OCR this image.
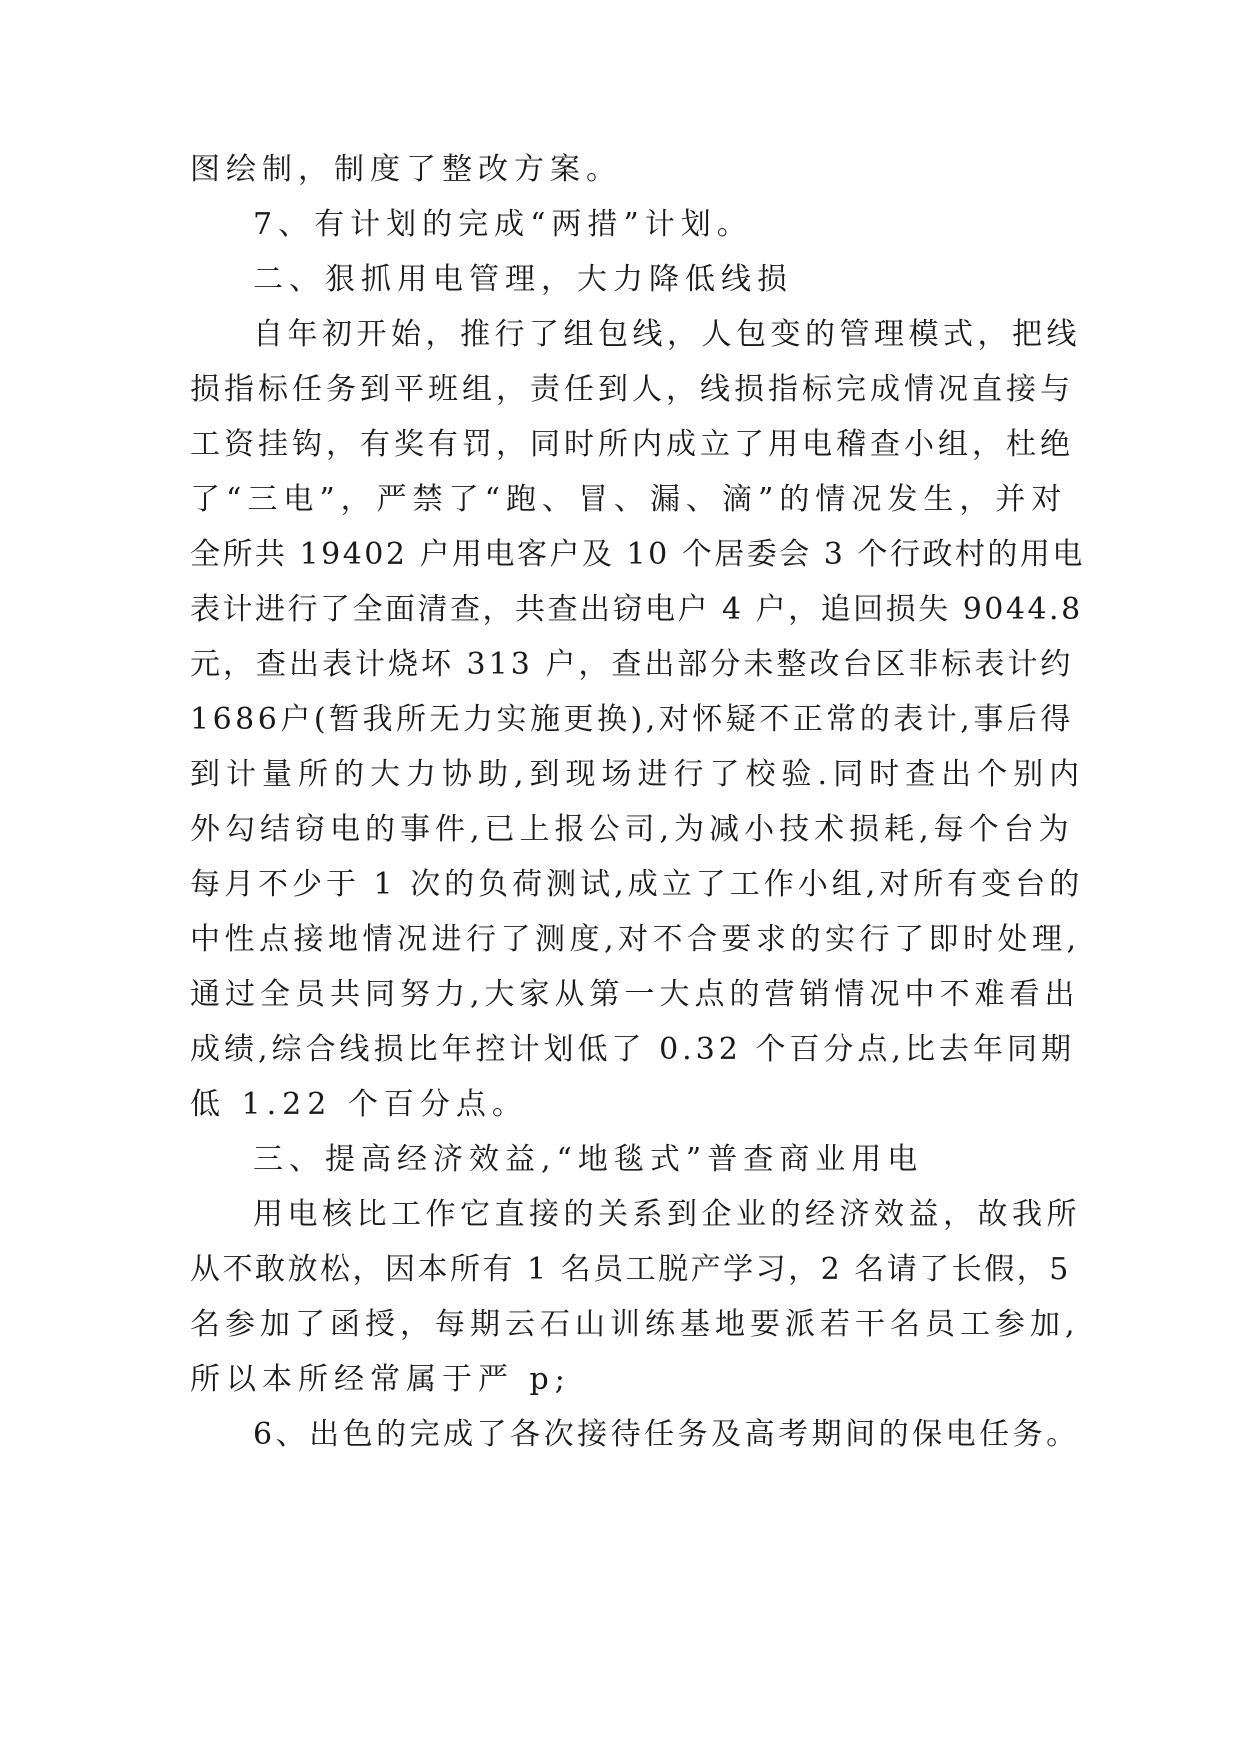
图绘制，制度了整改方案。
7、有计划的完成“两措”计划。
二、狠抓用电管理，大力降低线损
自年初开始，推行了组包线，人包变的管理模式，把线
损指标任务到平班组，责任到人，线损指标完成情况直接与
工资挂钩，有奖有罚，同时所内成立了用电稽查小组，杜绝
了“三电”，严禁了“跑、冒、漏、滴”的情况发生，并对
全所共 19402 户用电客户及 10 个居委会 3 个行政村的用电
表计进行了全面清查，共查出窃电户 4 户，追回损失 9044.8
元，查出表计烧坏 313 户，查出部分未整改台区非标表计约
1686户(暂我所无力实施更换),对怀疑不正常的表计,事后得
到计量所的大力协助,到现场进行了校验.同时查出个别内
外勾结窃电的事件,已上报公司,为减小技术损耗,每个台为
每月不少于 1 次的负荷测试,成立了工作小组,对所有变台的
中性点接地情况进行了测度,对不合要求的实行了即时处理,
通过全员共同努力,大家从第一大点的营销情况中不难看出
成绩,综合线损比年控计划低了 0.32 个百分点,比去年同期
低 1.22 个百分点。
三、提高经济效益,“地毯式”普查商业用电
用电核比工作它直接的关系到企业的经济效益，故我所
从不敢放松，因本所有 1 名员工脱产学习，2 名请了长假，5
名参加了函授，每期云石山训练基地要派若干名员工参加,
所以本所经常属于严 p;
6、出色的完成了各次接待任务及高考期间的保电任务。
